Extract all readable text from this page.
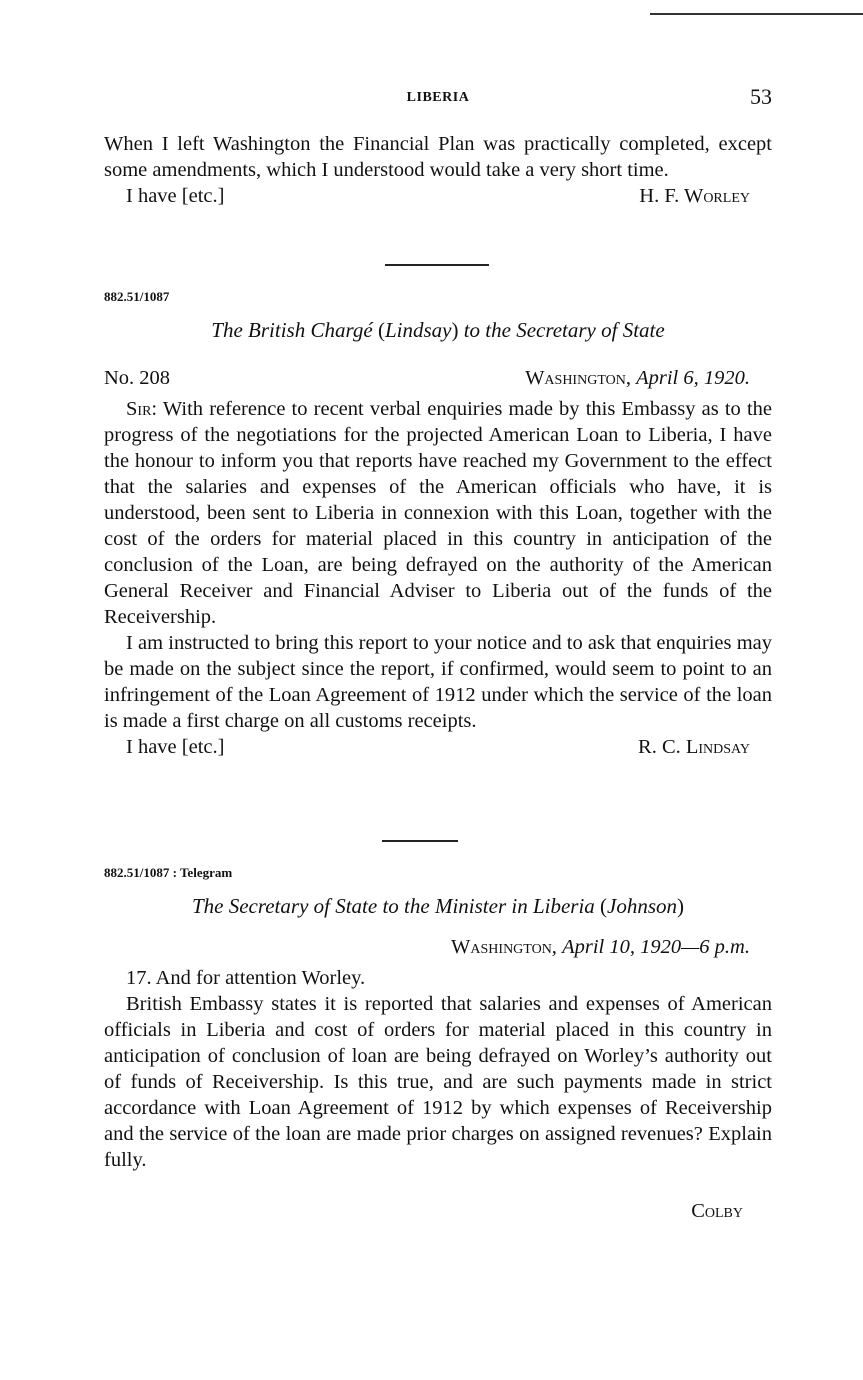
LIBERIA	53

When I left Washington the Financial Plan was practically completed, except some amendments, which I understood would take a very short time.

I have [etc.]	H. F. Worley
882.51/1087
The British Chargé (Lindsay) to the Secretary of State
No. 208	Washington, April 6, 1920.

Sir: With reference to recent verbal enquiries made by this Embassy as to the progress of the negotiations for the projected American Loan to Liberia, I have the honour to inform you that reports have reached my Government to the effect that the salaries and expenses of the American officials who have, it is understood, been sent to Liberia in connexion with this Loan, together with the cost of the orders for material placed in this country in anticipation of the conclusion of the Loan, are being defrayed on the authority of the American General Receiver and Financial Adviser to Liberia out of the funds of the Receivership.

I am instructed to bring this report to your notice and to ask that enquiries may be made on the subject since the report, if confirmed, would seem to point to an infringement of the Loan Agreement of 1912 under which the service of the loan is made a first charge on all customs receipts.

I have [etc.]	R. C. Lindsay
882.51/1087 : Telegram
The Secretary of State to the Minister in Liberia (Johnson)
Washington, April 10, 1920—6 p.m.

17. And for attention Worley.

British Embassy states it is reported that salaries and expenses of American officials in Liberia and cost of orders for material placed in this country in anticipation of conclusion of loan are being defrayed on Worley’s authority out of funds of Receivership. Is this true, and are such payments made in strict accordance with Loan Agreement of 1912 by which expenses of Receivership and the service of the loan are made prior charges on assigned revenues? Explain fully.

Colby
